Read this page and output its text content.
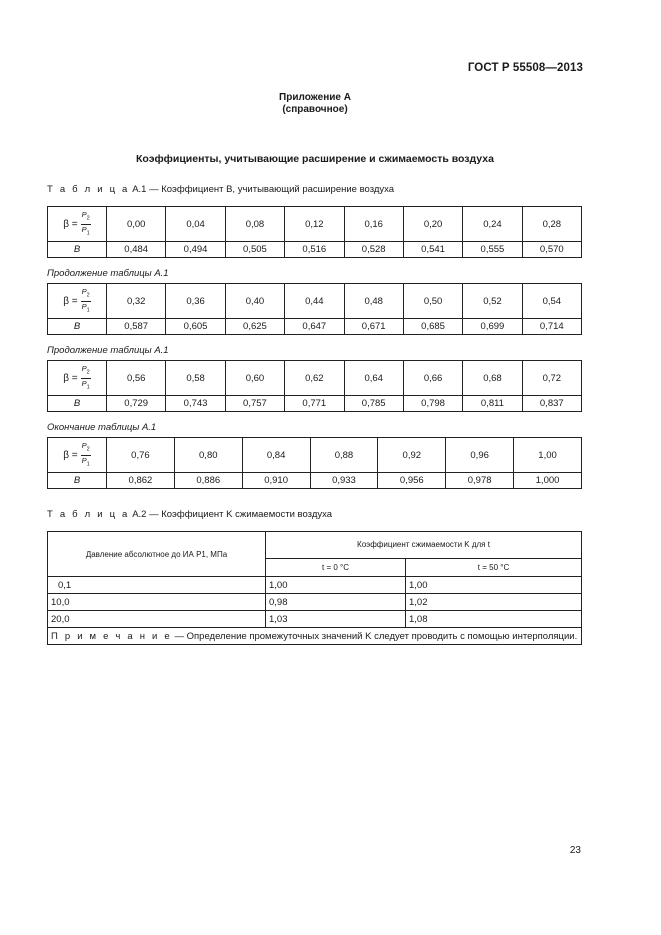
ГОСТ Р 55508—2013
Приложение А
(справочное)
Коэффициенты, учитывающие расширение и сжимаемость воздуха
Т а б л и ц а А.1 — Коэффициент B, учитывающий расширение воздуха
$\beta = \frac{P_2}{P_1}$	0,00	0,04	0,08	0,12	0,16	0,20	0,24	0,28
B	0,484	0,494	0,505	0,516	0,528	0,541	0,555	0,570
Продолжение таблицы А.1
$\beta = \frac{P_2}{P_1}$	0,32	0,36	0,40	0,44	0,48	0,50	0,52	0,54
B	0,587	0,605	0,625	0,647	0,671	0,685	0,699	0,714
Продолжение таблицы А.1
$\beta = \frac{P_2}{P_1}$	0,56	0,58	0,60	0,62	0,64	0,66	0,68	0,72
B	0,729	0,743	0,757	0,771	0,785	0,798	0,811	0,837
Окончание таблицы А.1
$\beta = \frac{P_2}{P_1}$	0,76	0,80	0,84	0,88	0,92	0,96	1,00
B	0,862	0,886	0,910	0,933	0,956	0,978	1,000
Т а б л и ц а А.2 — Коэффициент K сжимаемости воздуха
Давление абсолютное до ИА P1, МПа	Коэффициент сжимаемости K для t	
	t = 0 °C	t = 50 °C
0,1	1,00	1,00
10,0	0,98	1,02
20,0	1,03	1,08
П р и м е ч а н и е — Определение промежуточных значений K следует проводить с помощью интерполяции.		
23
